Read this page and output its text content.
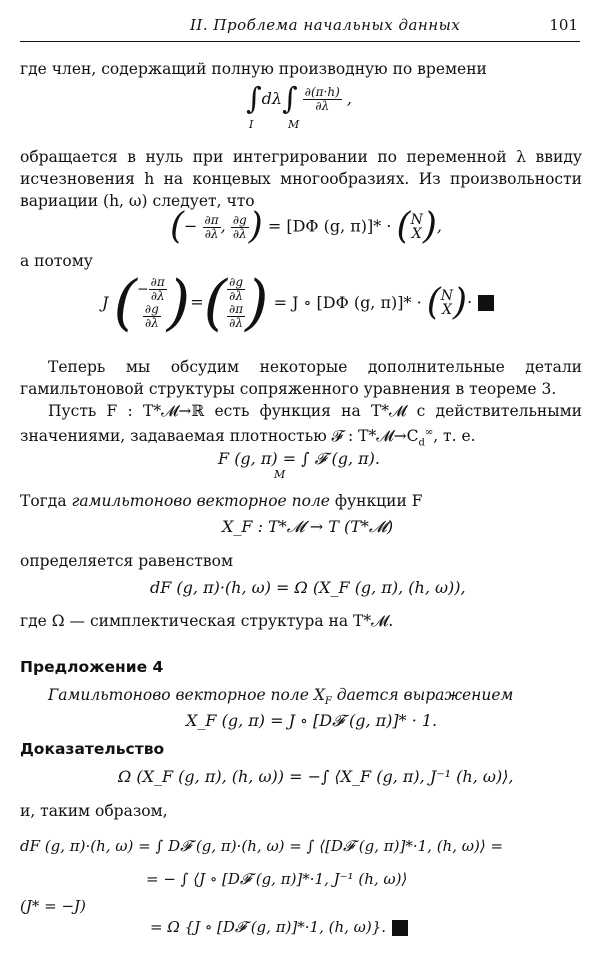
II. Проблема начальных данных	101
где член, содержащий полную производную по времени
$\int d\lambda\int \frac{\partial(\pi\cdot h)}{\partial\lambda}$ ,
I	M
обращается в нуль при интегрировании по переменной λ ввиду исчезновения h на концевых многообразиях. Из произвольности вариации (h, ω) следует, что
(− $\frac{\partial\pi}{\partial\lambda}$ , $\frac{\partial g}{\partial\lambda}$ ) = [DΦ (g, π)]* · (N
X),
а потому
J (− $\frac{\partial\pi}{\partial\lambda}$

$\frac{\partial g}{\partial\lambda}$ )=( $\frac{\partial g}{\partial\lambda}$

$\frac{\partial\pi}{\partial\lambda}$ ) = J ∘ [DΦ (g, π)]* · (N
X)·
Теперь мы обсудим некоторые дополнительные детали гамильтоновой структуры сопряженного уравнения в теореме 3.
Пусть F : T*𝓜→ℝ есть функция на T*𝓜 с действительными значениями, задаваемая плотностью 𝓕 : $T*𝓜\to C_d^\infty$, т. е.
F (g, π) = ∫ 𝓕 (g, π).
M
Тогда гамильтоново векторное поле функции F
X_F : T*𝓜 → T (T*𝓜)
определяется равенством
dF (g, π)·(h, ω) = Ω (X_F (g, π), (h, ω)),
где Ω — симплектическая структура на T*𝓜.
Предложение 4
Гамильтоново векторное поле $X_F$ дается выражением
X_F (g, π) = J ∘ [D𝓕 (g, π)]* · 1.
Доказательство
Ω (X_F (g, π), (h, ω)) = −∫ ⟨X_F (g, π), J⁻¹ (h, ω)⟩,
и, таким образом,
dF (g, π)·(h, ω) = ∫ D𝓕 (g, π)·(h, ω) = ∫ ⟨[D𝓕 (g, π)]*·1, (h, ω)⟩ =
= − ∫ ⟨J ∘ [D𝓕 (g, π)]*·1, J⁻¹ (h, ω)⟩
(J* = −J)
= Ω {J ∘ [D𝓕 (g, π)]*·1, (h, ω)}.
